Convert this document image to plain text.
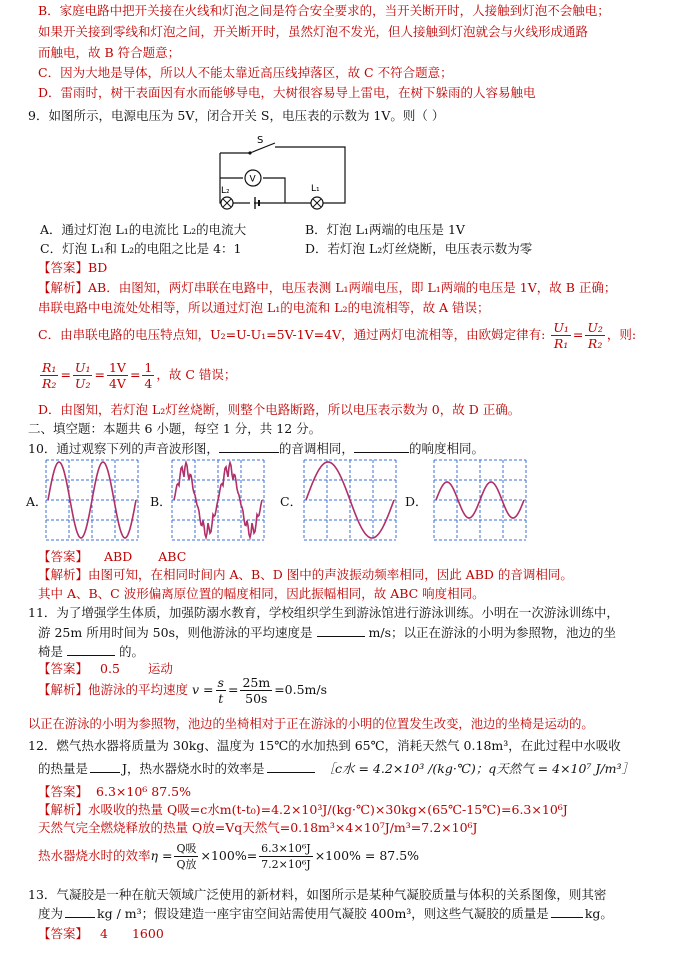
B．家庭电路中把开关接在火线和灯泡之间是符合安全要求的，当开关断开时，人接触到灯泡不会触电；
如果开关接到零线和灯泡之间，开关断开时，虽然灯泡不发光，但人接触到灯泡就会与火线形成通路
而触电，故 B 符合题意；
C．因为大地是导体，所以人不能太靠近高压线掉落区，故 C 不符合题意；
D．雷雨时，树干表面因有水而能够导电，大树很容易导上雷电，在树下躲雨的人容易触电
9．如图所示，电源电压为 5V，闭合开关 S，电压表的示数为 1V。则（ ）
S
V
L₂	L₁
A．通过灯泡 L₁的电流比 L₂的电流大	B．灯泡 L₁两端的电压是 1V
C．灯泡 L₁和 L₂的电阻之比是 4：1	D．若灯泡 L₂灯丝烧断，电压表示数为零
【答案】BD
【解析】AB．由图知，两灯串联在电路中，电压表测 L₁两端电压，即 L₁两端的电压是 1V，故 B 正确；
串联电路中电流处处相等，所以通过灯泡 L₁的电流和 L₂的电流相等，故 A 错误；
C．由串联电路的电压特点知，U₂=U-U₁=5V-1V=4V，通过两灯电流相等，由欧姆定律有: $\frac{\text{U₁}}{\text{R₁}} = \frac{\text{U₂}}{\text{R₂}}$ ，则:
$\frac{\text{R₁}}{\text{R₂}} = \frac{\text{U₁}}{\text{U₂}} = \frac{1V}{4V} = \frac{1}{4}$ ，故 C 错误；
D．由图知，若灯泡 L₂灯丝烧断，则整个电路断路，所以电压表示数为 0，故 D 正确。
二、填空题：本题共 6 小题，每空 1 分，共 12 分。
10．通过观察下列的声音波形图，	的音调相同，	的响度相同。
A．	B．	C．	D．
【答案】 ABD ABC
【解析】由图可知，在相同时间内 A、B、D 图中的声波振动频率相同，因此 ABD 的音调相同。
其中 A、B、C 波形偏离原位置的幅度相同，因此振幅相同，故 ABC 响度相同。
11．为了增强学生体质，加强防溺水教育，学校组织学生到游泳馆进行游泳训练。小明在一次游泳训练中，
游 25m 所用时间为 50s，则他游泳的平均速度是	m/s；以正在游泳的小明为参照物，池边的坐
椅是	的。
【答案】 0.5 运动
【解析】他游泳的平均速度 $v = \frac{s}{t} = \frac{25m}{50s} =0.5m/s$
以正在游泳的小明为参照物，池边的坐椅相对于正在游泳的小明的位置发生改变，池边的坐椅是运动的。
12．燃气热水器将质量为 30kg、温度为 15℃的水加热到 65℃，消耗天然气 0.18m³，在此过程中水吸收
的热量是	J，热水器烧水时的效率是	［c水 = 4.2×10³ /(kg·℃)；q天然气 = 4×10⁷ J/m³］
【答案】 6.3×10⁶ 87.5%
【解析】水吸收的热量 Q吸=c水m(t-t₀)=4.2×10³J/(kg·℃)×30kg×(65℃-15℃)=6.3×10⁶J
天然气完全燃烧释放的热量 Q放=Vq天然气=0.18m³×4×10⁷J/m³=7.2×10⁶J
热水器烧水时的效率$\eta = \frac{\text{Q吸}}{\text{Q放}} \times 100\%= \frac{\text{6.3×10⁶J}}{\text{7.2×10⁶J}} \times 100\% = 87.5\%$
13．气凝胶是一种在航天领域广泛使用的新材料，如图所示是某种气凝胶质量与体积的关系图像，则其密
度为	kg / m³；假设建造一座宇宙空间站需使用气凝胶 400m³，则这些气凝胶的质量是	kg。
【答案】 4 1600
